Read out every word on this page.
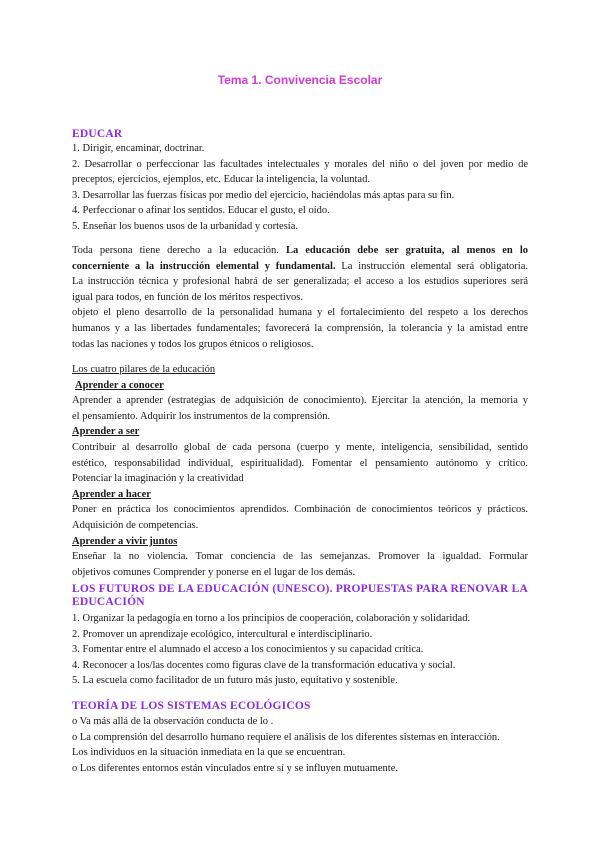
Tema 1. Convivencia Escolar

EDUCAR

1. Dirigir, encaminar, doctrinar.

2. Desarrollar o perfeccionar las facultades intelectuales y morales del niño o del joven por medio de

preceptos, ejercicios, ejemplos, etc. Educar la inteligencia, la voluntad.

3. Desarrollar las fuerzas físicas por medio del ejercicio, haciéndolas más aptas para su fin.

4. Perfeccionar o afinar los sentidos. Educar el gusto, el oído.

5. Enseñar los buenos usos de la urbanidad y cortesía.

Toda persona tiene derecho a la educación. La educación debe ser gratuita, al menos en lo

concerniente a la instrucción elemental y fundamental. La instrucción elemental será obligatoria.

La instrucción técnica y profesional habrá de ser generalizada; el acceso a los estudios superiores será

igual para todos, en función de los méritos respectivos.

objeto el pleno desarrollo de la personalidad humana y el fortalecimiento del respeto a los derechos

humanos y a las libertades fundamentales; favorecerá la comprensión, la tolerancia y la amistad entre

todas las naciones y todos los grupos étnicos o religiosos.

Los cuatro pilares de la educación

Aprender a conocer

Aprender a aprender (estrategias de adquisición de conocimiento). Ejercitar la atención, la memoria y

el pensamiento. Adquirir los instrumentos de la comprensión.

Aprender a ser

Contribuir al desarrollo global de cada persona (cuerpo y mente, inteligencia, sensibilidad, sentido

estético, responsabilidad individual, espiritualidad). Fomentar el pensamiento autónomo y crítico.

Potenciar la imaginación y la creatividad

Aprender a hacer

Poner en práctica los conocimientos aprendidos. Combinación de conocimientos teóricos y prácticos.

Adquisición de competencias.

Aprender a vivir juntos

Enseñar la no violencia. Tomar conciencia de las semejanzas. Promover la igualdad. Formular

objetivos comunes Comprender y ponerse en el lugar de los demás.

LOS FUTUROS DE LA EDUCACIÓN (UNESCO). PROPUESTAS PARA RENOVAR LA

EDUCACIÓN

1. Organizar la pedagogía en torno a los principios de cooperación, colaboración y solidaridad.

2. Promover un aprendizaje ecológico, intercultural e interdisciplinario.

3. Fomentar entre el alumnado el acceso a los conocimientos y su capacidad crítica.

4. Reconocer a los/las docentes como figuras clave de la transformación educativa y social.

5. La escuela como facilitador de un futuro más justo, equitativo y sostenible.

TEORÍA DE LOS SISTEMAS ECOLÓGICOS

o Va más allá de la observación conducta de lo .

o La comprensión del desarrollo humano requiere el análisis de los diferentes sistemas en interacción.

Los individuos en la situación inmediata en la que se encuentran.

o Los diferentes entornos están vinculados entre sí y se influyen mutuamente.
